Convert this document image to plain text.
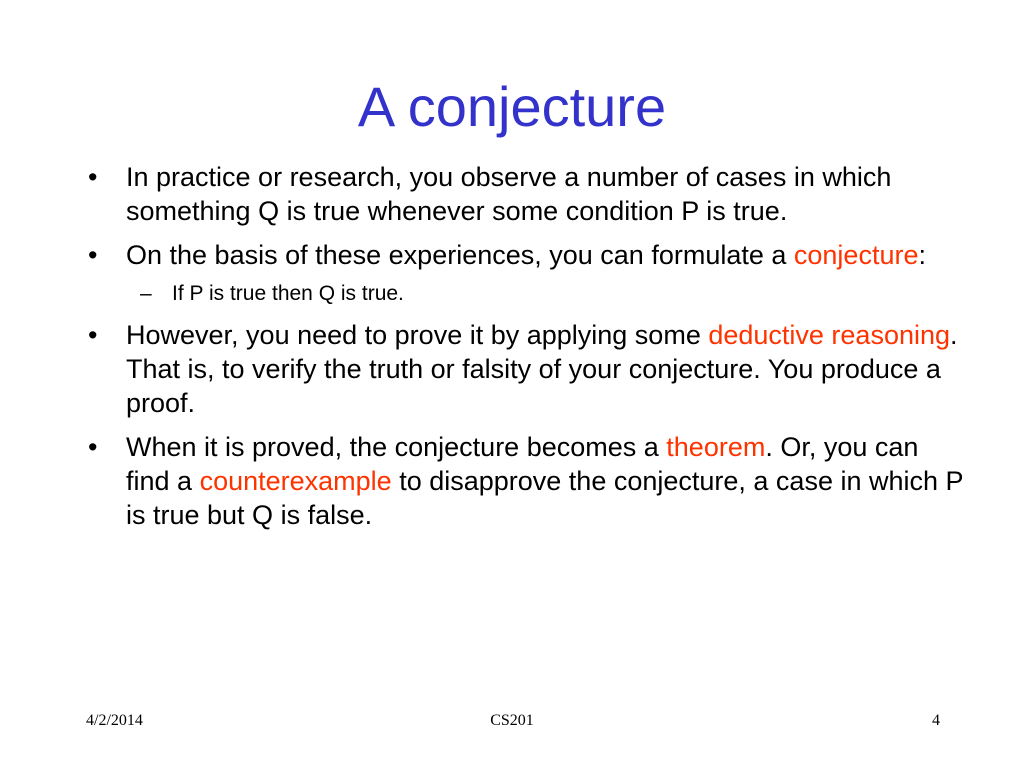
A conjecture
• In practice or research, you observe a number of cases in which something Q is true whenever some condition P is true.
• On the basis of these experiences, you can formulate a conjecture:
– If P is true then Q is true.
• However, you need to prove it by applying some deductive reasoning. That is, to verify the truth or falsity of your conjecture. You produce a proof.
• When it is proved, the conjecture becomes a theorem. Or, you can find a counterexample to disapprove the conjecture, a case in which P is true but Q is false.
4/2/2014	CS201	4
